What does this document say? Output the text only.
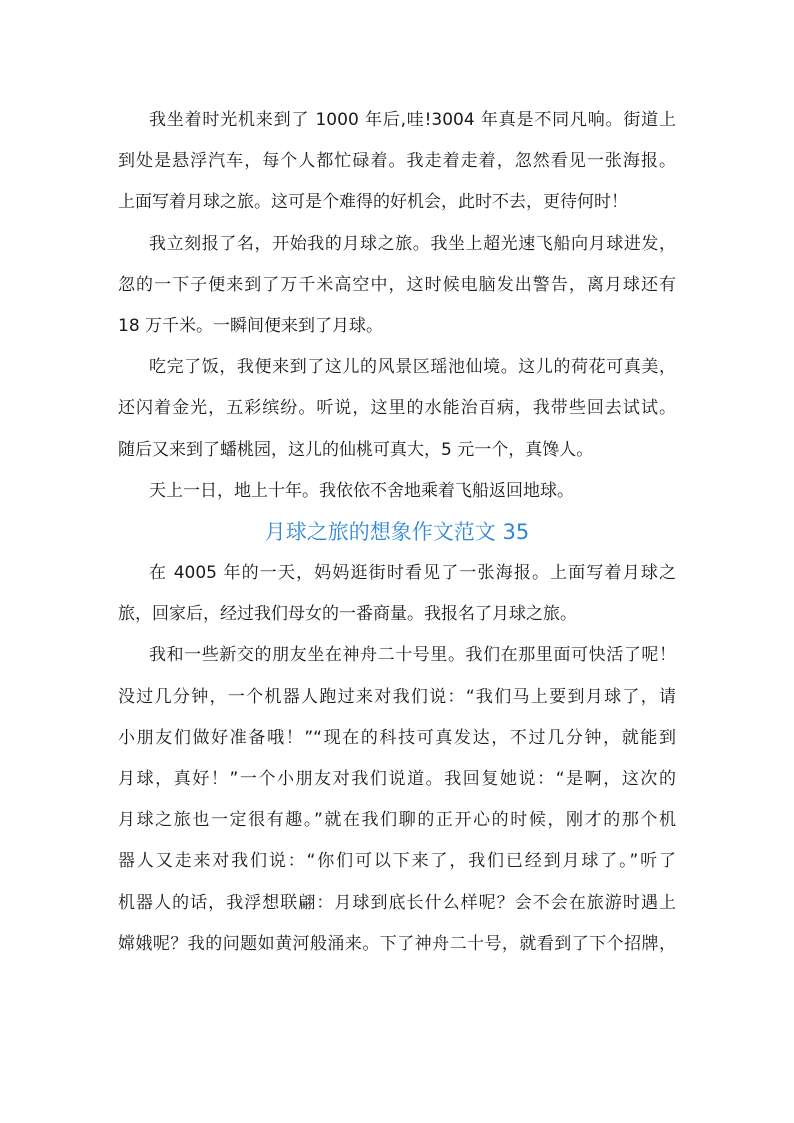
我坐着时光机来到了 1000 年后,哇!3004 年真是不同凡响。街道上
到处是悬浮汽车，每个人都忙碌着。我走着走着，忽然看见一张海报。
上面写着月球之旅。这可是个难得的好机会，此时不去，更待何时！
我立刻报了名，开始我的月球之旅。我坐上超光速飞船向月球进发，
忽的一下子便来到了万千米高空中，这时候电脑发出警告，离月球还有
18 万千米。一瞬间便来到了月球。
吃完了饭，我便来到了这儿的风景区瑶池仙境。这儿的荷花可真美，
还闪着金光，五彩缤纷。听说，这里的水能治百病，我带些回去试试。
随后又来到了蟠桃园，这儿的仙桃可真大，5 元一个，真馋人。
天上一日，地上十年。我依依不舍地乘着飞船返回地球。
月球之旅的想象作文范文 35
在 4005 年的一天，妈妈逛街时看见了一张海报。上面写着月球之
旅，回家后，经过我们母女的一番商量。我报名了月球之旅。
我和一些新交的朋友坐在神舟二十号里。我们在那里面可快活了呢！
没过几分钟，一个机器人跑过来对我们说：“我们马上要到月球了，请
小朋友们做好准备哦！”“现在的科技可真发达，不过几分钟，就能到
月球，真好！”一个小朋友对我们说道。我回复她说：“是啊，这次的
月球之旅也一定很有趣。”就在我们聊的正开心的时候，刚才的那个机
器人又走来对我们说：“你们可以下来了，我们已经到月球了。”听了
机器人的话，我浮想联翩：月球到底长什么样呢？会不会在旅游时遇上
嫦娥呢？我的问题如黄河般涌来。下了神舟二十号，就看到了下个招牌，
